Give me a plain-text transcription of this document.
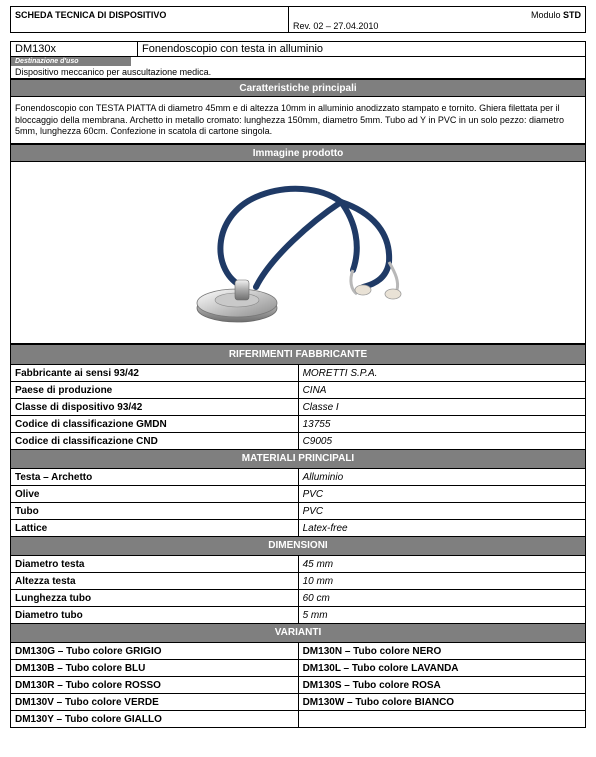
SCHEDA TECNICA DI DISPOSITIVO
Rev. 02 – 27.04.2010
Modulo STD
DM130x	Fonendoscopio con testa in alluminio
Destinazione d'uso
Dispositivo meccanico per auscultazione medica.
Caratteristiche principali
Fonendoscopio con TESTA PIATTA di diametro 45mm e di altezza 10mm in alluminio anodizzato stampato e tornito. Ghiera filettata per il bloccaggio della membrana. Archetto in metallo cromato: lunghezza 150mm, diametro 5mm. Tubo ad Y in PVC in un solo pezzo: diametro 5mm, lunghezza 60cm. Confezione in scatola di cartone singola.
Immagine prodotto
RIFERIMENTI FABBRICANTE	
Fabbricante ai sensi 93/42	MORETTI S.P.A.
Paese di produzione	CINA
Classe di dispositivo 93/42	Classe I
Codice di classificazione GMDN	13755
Codice di classificazione CND	C9005
MATERIALI PRINCIPALI	
Testa – Archetto	Alluminio
Olive	PVC
Tubo	PVC
Lattice	Latex-free
DIMENSIONI	
Diametro testa	45 mm
Altezza testa	10 mm
Lunghezza tubo	60 cm
Diametro tubo	5 mm
VARIANTI	
DM130G – Tubo colore GRIGIO	DM130N – Tubo colore NERO
DM130B – Tubo colore BLU	DM130L – Tubo colore LAVANDA
DM130R – Tubo colore ROSSO	DM130S – Tubo colore ROSA
DM130V – Tubo colore VERDE	DM130W – Tubo colore BIANCO
DM130Y – Tubo colore GIALLO	
